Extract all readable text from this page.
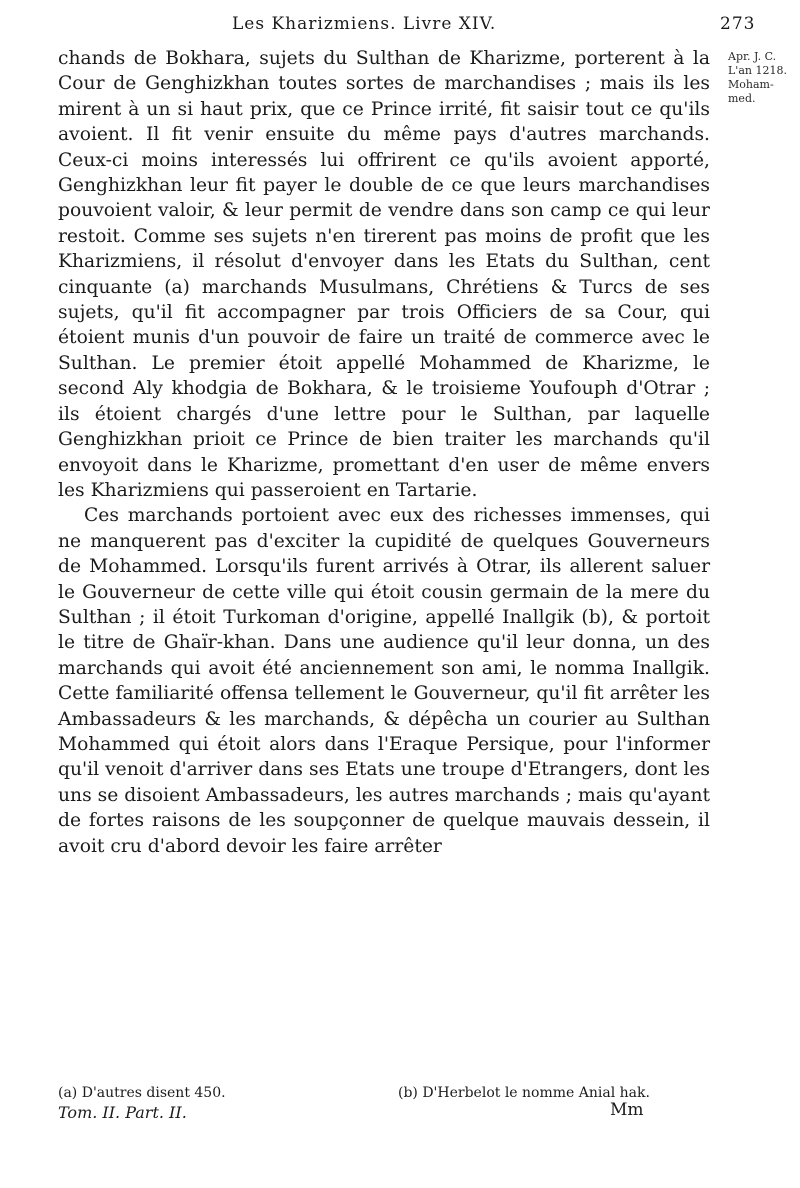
Les Kharizmiens. Livre XIV.	273
Apr. J. C.
L'an 1218.
Moham-
med.

chands de Bokhara, sujets du Sulthan de Kharizme, porterent à la Cour de Genghizkhan toutes sortes de marchandises ; mais ils les mirent à un si haut prix, que ce Prince irrité, fit saisir tout ce qu'ils avoient. Il fit venir ensuite du même pays d'autres marchands. Ceux-ci moins interessés lui offrirent ce qu'ils avoient apporté, Genghizkhan leur fit payer le double de ce que leurs marchandises pouvoient valoir, & leur permit de vendre dans son camp ce qui leur restoit. Comme ses sujets n'en tirerent pas moins de profit que les Kharizmiens, il résolut d'envoyer dans les Etats du Sulthan, cent cinquante (a) marchands Musulmans, Chrétiens & Turcs de ses sujets, qu'il fit accompagner par trois Officiers de sa Cour, qui étoient munis d'un pouvoir de faire un traité de commerce avec le Sulthan. Le premier étoit appellé Mohammed de Kharizme, le second Aly khodgia de Bokhara, & le troisieme Youfouph d'Otrar ; ils étoient chargés d'une lettre pour le Sulthan, par laquelle Genghizkhan prioit ce Prince de bien traiter les marchands qu'il envoyoit dans le Kharizme, promettant d'en user de même envers les Kharizmiens qui passeroient en Tartarie.

Ces marchands portoient avec eux des richesses immenses, qui ne manquerent pas d'exciter la cupidité de quelques Gouverneurs de Mohammed. Lorsqu'ils furent arrivés à Otrar, ils allerent saluer le Gouverneur de cette ville qui étoit cousin germain de la mere du Sulthan ; il étoit Turkoman d'origine, appellé Inallgik (b), & portoit le titre de Ghaïr-khan. Dans une audience qu'il leur donna, un des marchands qui avoit été anciennement son ami, le nomma Inallgik. Cette familiarité offensa tellement le Gouverneur, qu'il fit arrêter les Ambassadeurs & les marchands, & dépêcha un courier au Sulthan Mohammed qui étoit alors dans l'Eraque Persique, pour l'informer qu'il venoit d'arriver dans ses Etats une troupe d'Etrangers, dont les uns se disoient Ambassadeurs, les autres marchands ; mais qu'ayant de fortes raisons de les soupçonner de quelque mauvais dessein, il avoit cru d'abord devoir les faire arrêter

(a) D'autres disent 450.	(b) D'Herbelot le nomme Anial hak.
Tom. II. Part. II.	Mm
